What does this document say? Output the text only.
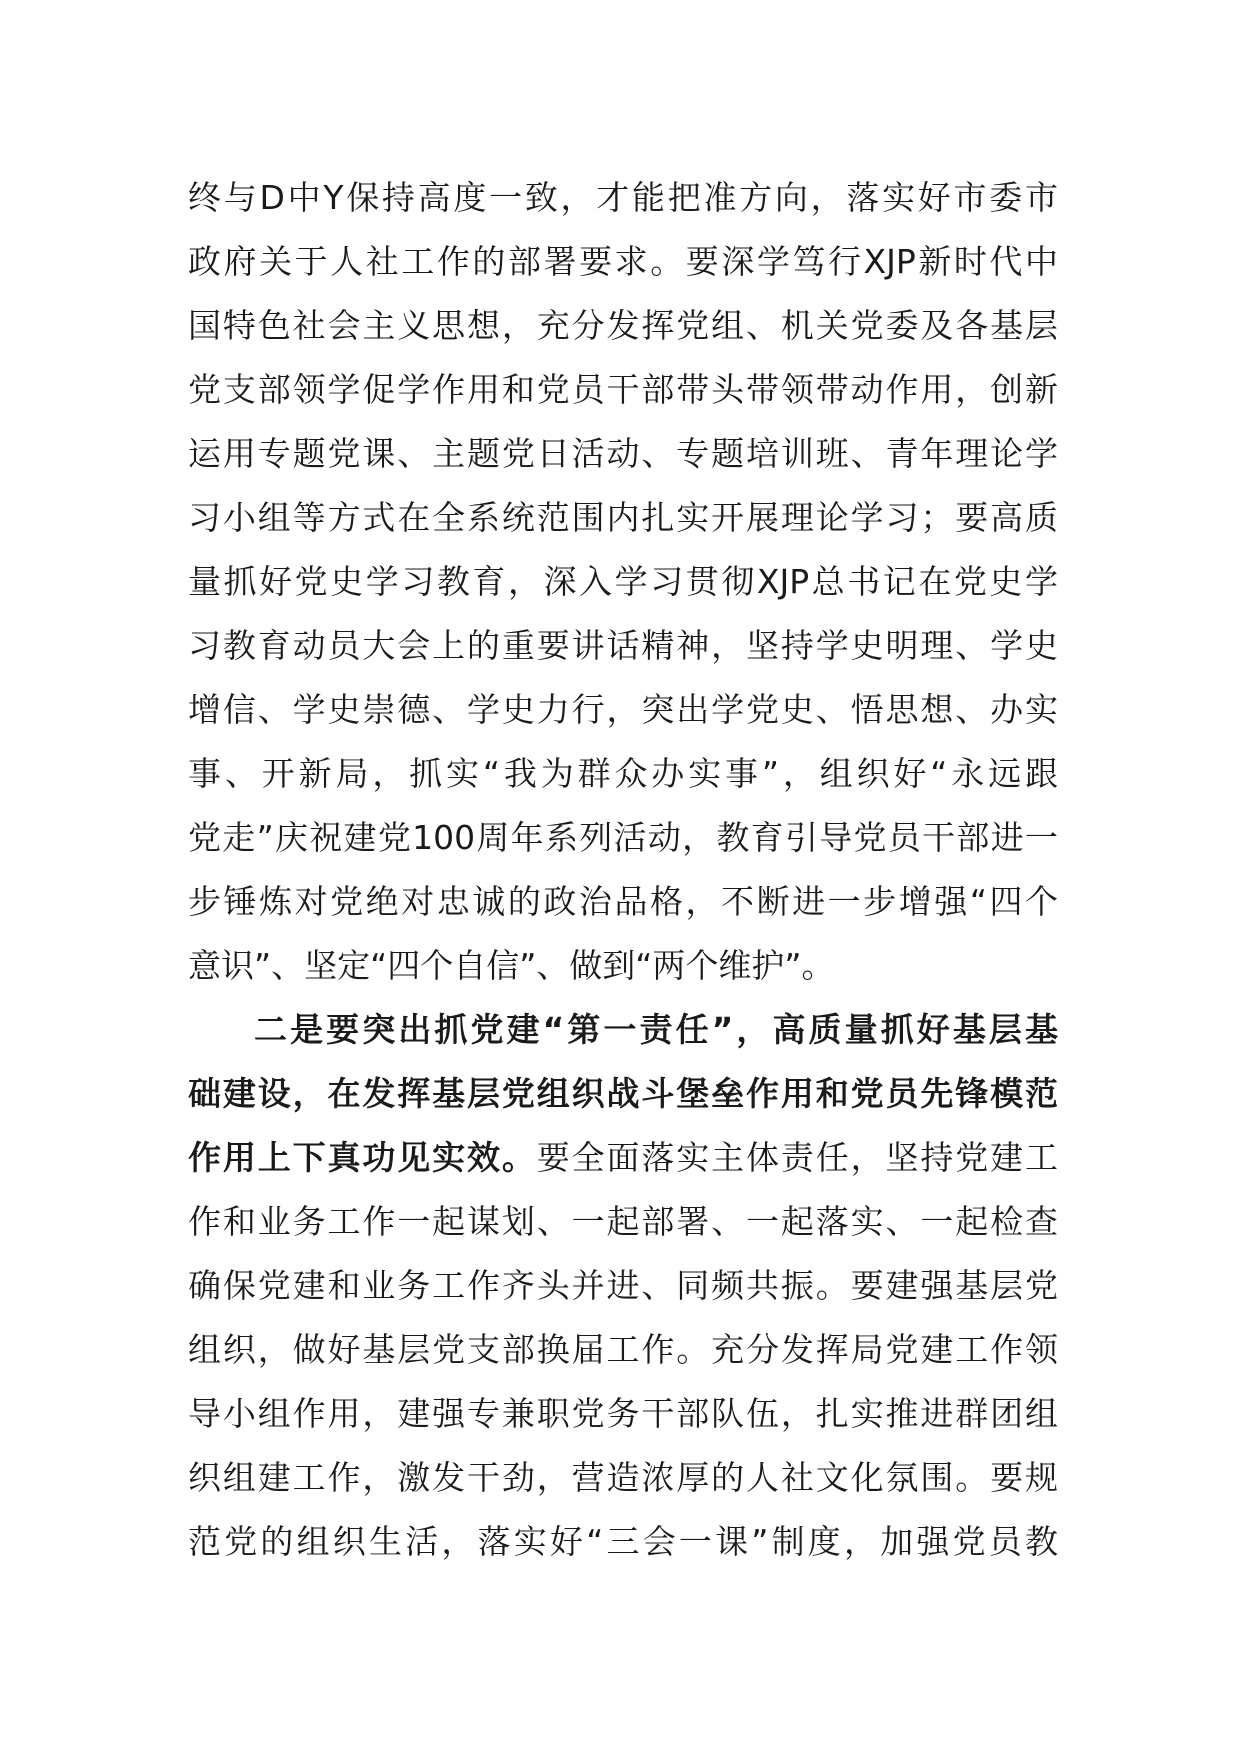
终与D中Y保持高度一致，才能把准方向，落实好市委市
政府关于人社工作的部署要求。要深学笃行XJP新时代中
国特色社会主义思想，充分发挥党组、机关党委及各基层
党支部领学促学作用和党员干部带头带领带动作用，创新
运用专题党课、主题党日活动、专题培训班、青年理论学
习小组等方式在全系统范围内扎实开展理论学习；要高质
量抓好党史学习教育，深入学习贯彻XJP总书记在党史学
习教育动员大会上的重要讲话精神，坚持学史明理、学史
增信、学史崇德、学史力行，突出学党史、悟思想、办实
事、开新局，抓实“我为群众办实事”，组织好“永远跟
党走”庆祝建党100周年系列活动，教育引导党员干部进一
步锤炼对党绝对忠诚的政治品格，不断进一步增强“四个
意识”、坚定“四个自信”、做到“两个维护”。
二是要突出抓党建“第一责任”，高质量抓好基层基
础建设，在发挥基层党组织战斗堡垒作用和党员先锋模范
作用上下真功见实效。要全面落实主体责任，坚持党建工
作和业务工作一起谋划、一起部署、一起落实、一起检查
确保党建和业务工作齐头并进、同频共振。要建强基层党
组织，做好基层党支部换届工作。充分发挥局党建工作领
导小组作用，建强专兼职党务干部队伍，扎实推进群团组
织组建工作，激发干劲，营造浓厚的人社文化氛围。要规
范党的组织生活，落实好“三会一课”制度，加强党员教
